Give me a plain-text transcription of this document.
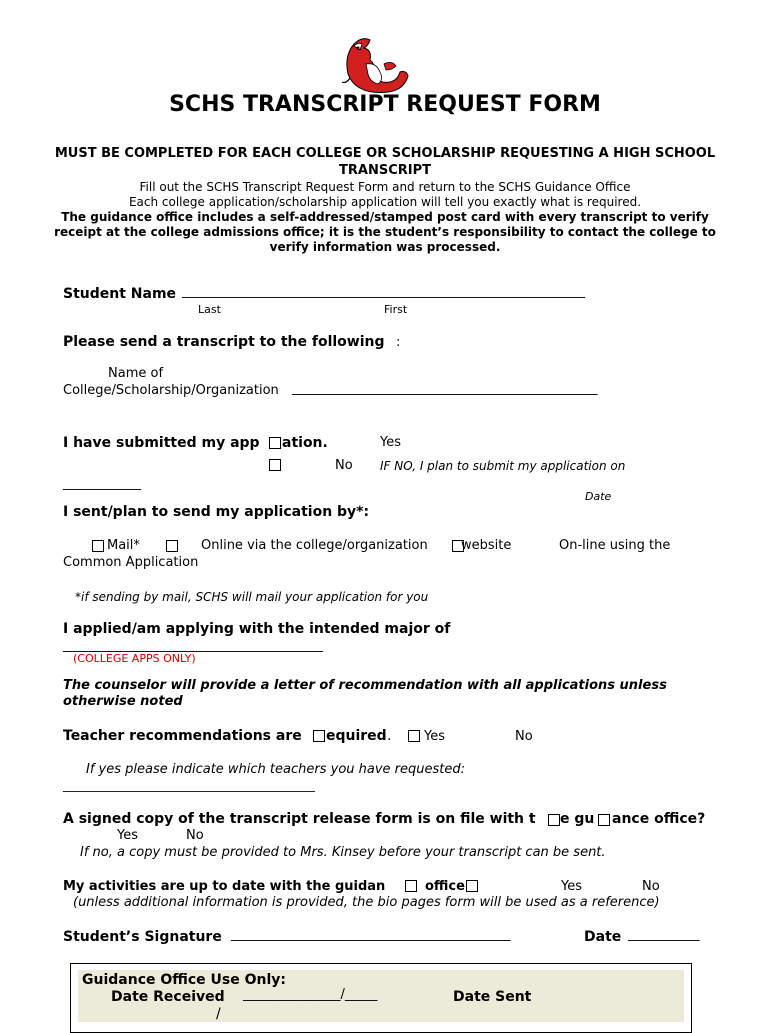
SCHS TRANSCRIPT REQUEST FORM
MUST BE COMPLETED FOR EACH COLLEGE OR SCHOLARSHIP REQUESTING A HIGH SCHOOL
TRANSCRIPT
Fill out the SCHS Transcript Request Form and return to the SCHS Guidance Office
Each college application/scholarship application will tell you exactly what is required.
The guidance office includes a self-addressed/stamped post card with every transcript to verify
receipt at the college admissions office; it is the student’s responsibility to contact the college to
verify information was processed.
Student Name ______________________________________________________________
Last	First
Please send a transcript to the following :
Name of
College/Scholarship/Organization _______________________________________________
I have submitted my app ation.	Yes
No IF NO, I plan to submit my application on
____________
Date
I sent/plan to send my application by*:
Mail*	Online via the college/organization	website	On-line using the
Common Application
*if sending by mail, SCHS will mail your application for you
I applied/am applying with the intended major of
________________________________________
(COLLEGE APPS ONLY)
The counselor will provide a letter of recommendation with all applications unless
otherwise noted
Teacher recommendations are equired .	Yes	No
If yes please indicate which teachers you have requested:
__________________________________________
A signed copy of the transcript release form is on file with t e gu ance office?
Yes	No
If no, a copy must be provided to Mrs. Kinsey before your transcript can be sent.
My activities are up to date with the guidan	office	Yes	No
(unless additional information is provided, the bio pages form will be used as a reference)
Student’s Signature ___________________________________________	Date ___________
Guidance Office Use Only:
Date Received _______________/_____	Date Sent
/
